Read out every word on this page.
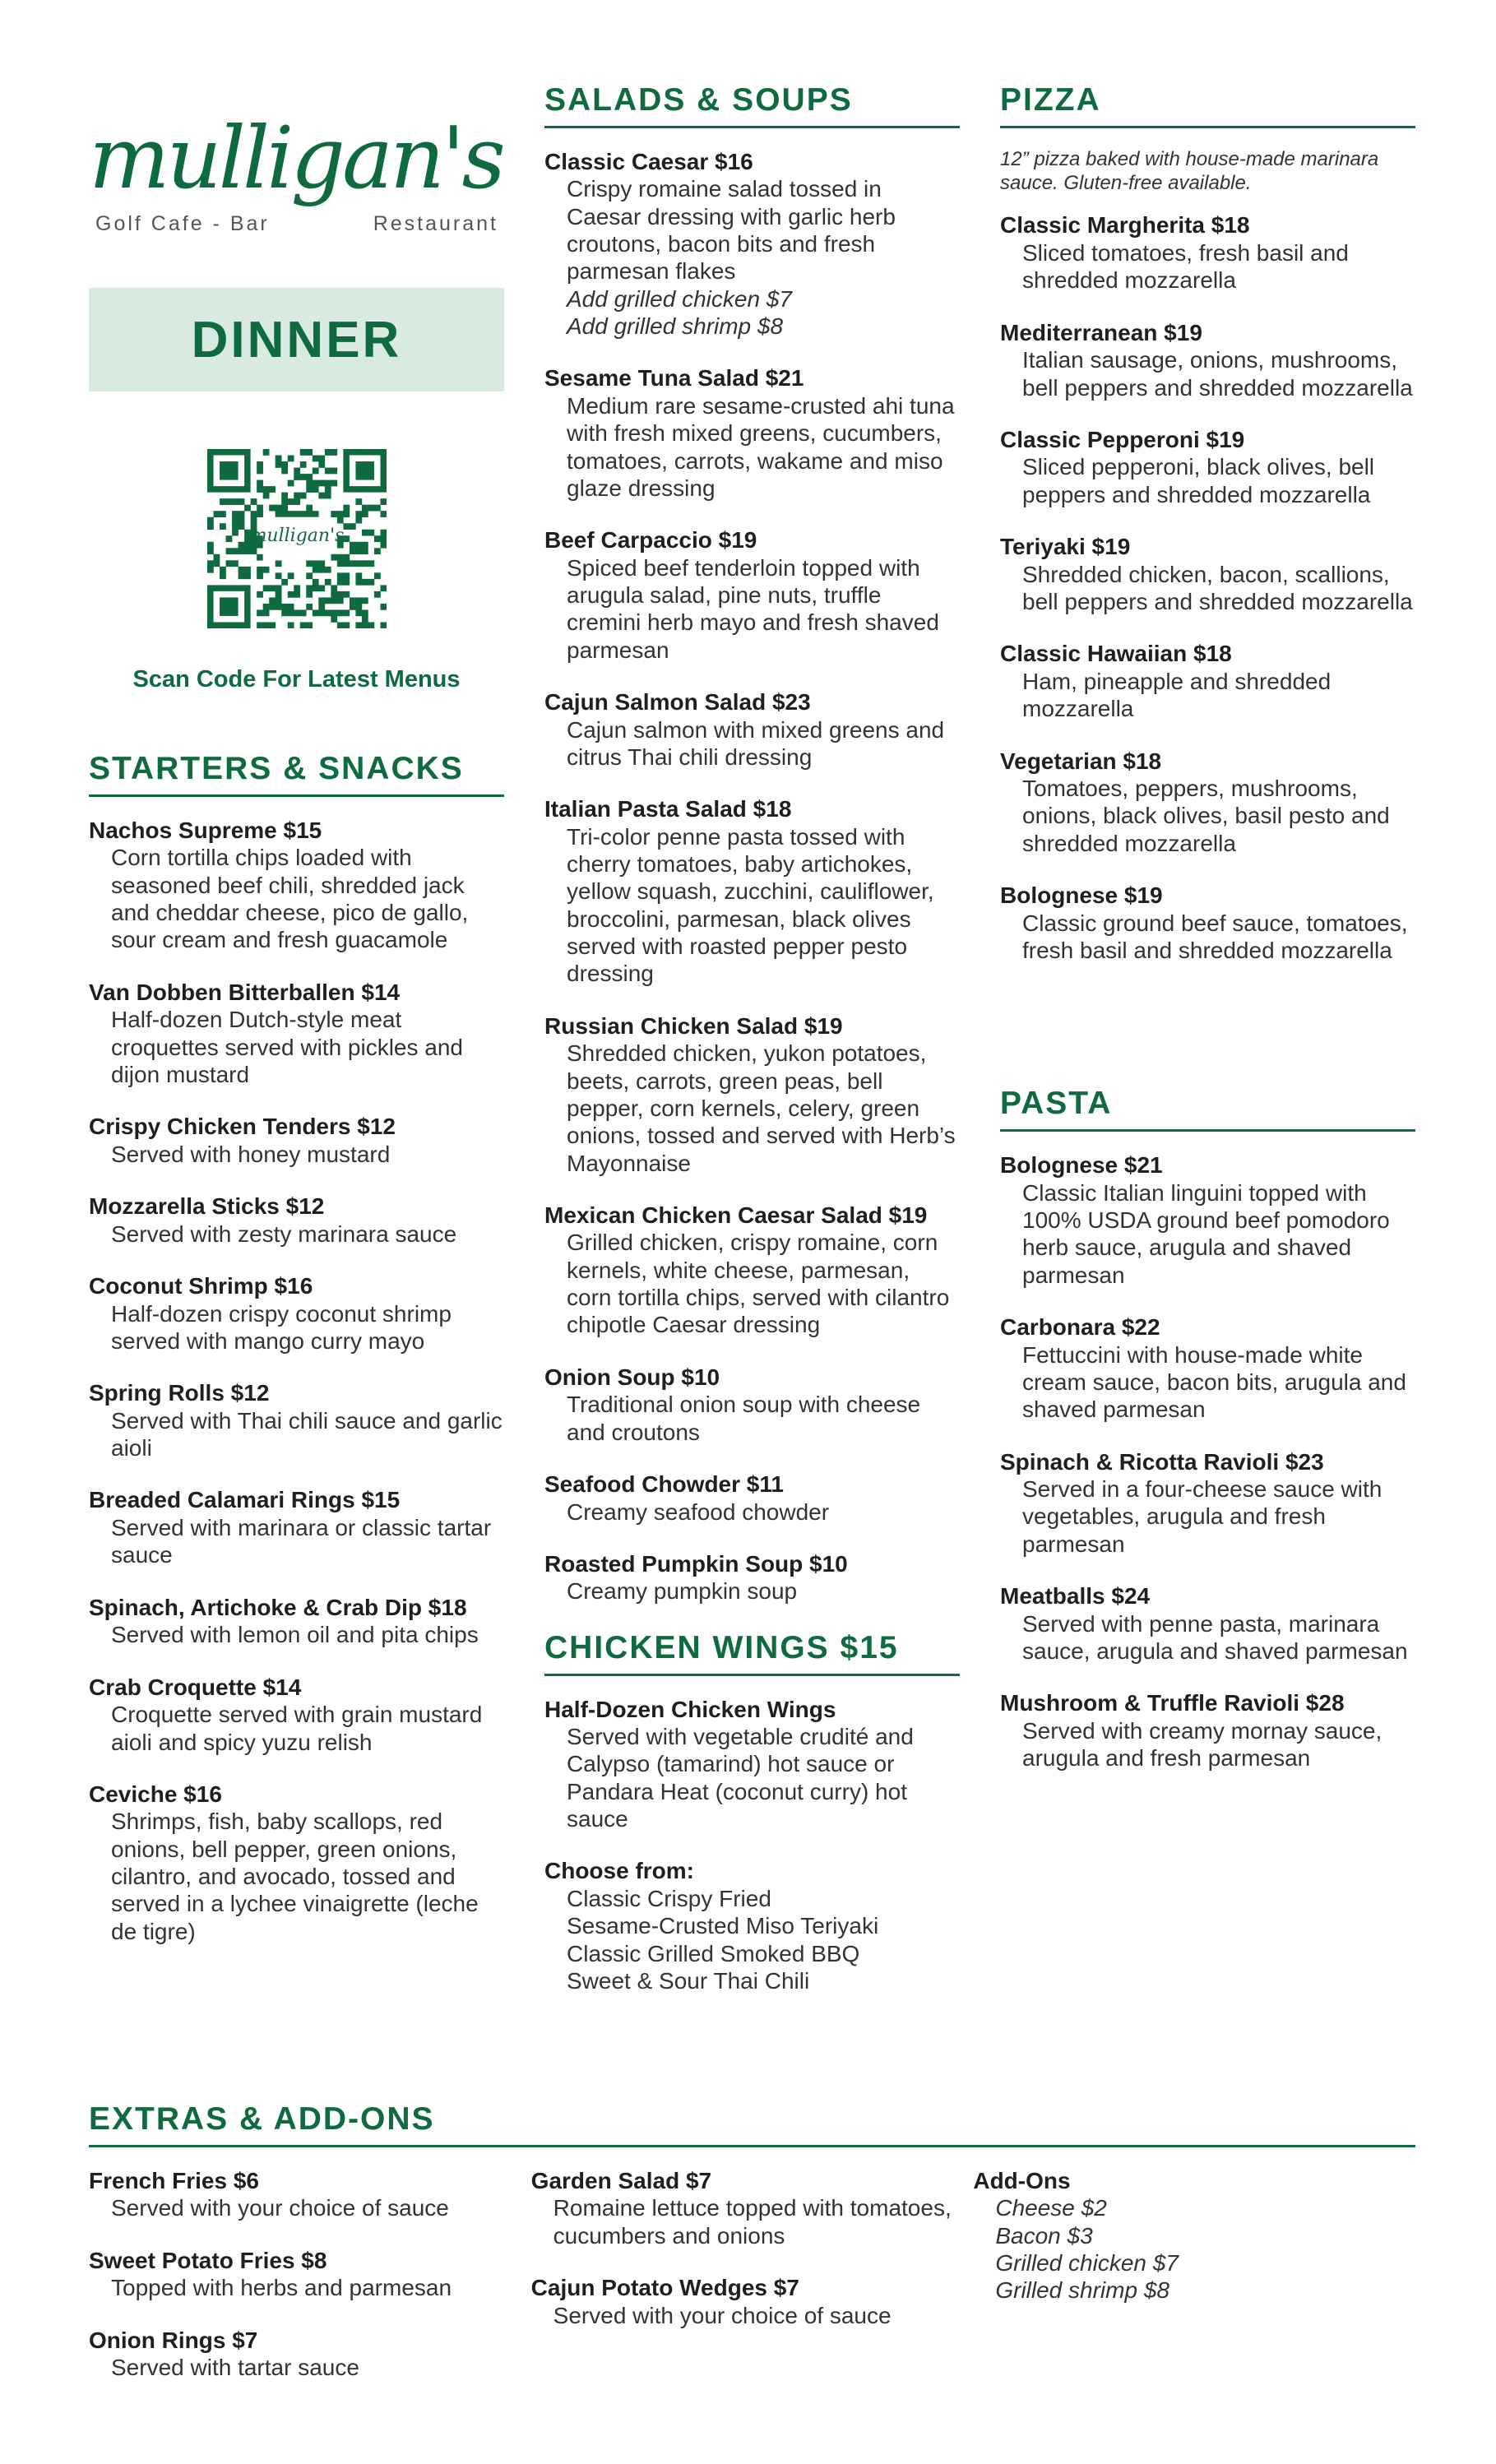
mulligan's
Golf Cafe - Bar	Restaurant
DINNER
mulligan's
Scan Code For Latest Menus
STARTERS & SNACKS
Nachos Supreme $15
Corn tortilla chips loaded with seasoned beef chili, shredded jack and cheddar cheese, pico de gallo, sour cream and fresh guacamole
Van Dobben Bitterballen $14
Half-dozen Dutch-style meat croquettes served with pickles and dijon mustard
Crispy Chicken Tenders $12
Served with honey mustard
Mozzarella Sticks $12
Served with zesty marinara sauce
Coconut Shrimp $16
Half-dozen crispy coconut shrimp served with mango curry mayo
Spring Rolls $12
Served with Thai chili sauce and garlic aioli
Breaded Calamari Rings $15
Served with marinara or classic tartar sauce
Spinach, Artichoke & Crab Dip $18
Served with lemon oil and pita chips
Crab Croquette $14
Croquette served with grain mustard aioli and spicy yuzu relish
Ceviche $16
Shrimps, fish, baby scallops, red onions, bell pepper, green onions, cilantro, and avocado, tossed and served in a lychee vinaigrette (leche de tigre)
SALADS & SOUPS
Classic Caesar $16
Crispy romaine salad tossed in Caesar dressing with garlic herb croutons, bacon bits and fresh parmesan flakes
Add grilled chicken $7
Add grilled shrimp $8
Sesame Tuna Salad $21
Medium rare sesame-crusted ahi tuna with fresh mixed greens, cucumbers, tomatoes, carrots, wakame and miso glaze dressing
Beef Carpaccio $19
Spiced beef tenderloin topped with arugula salad, pine nuts, truffle cremini herb mayo and fresh shaved parmesan
Cajun Salmon Salad $23
Cajun salmon with mixed greens and citrus Thai chili dressing
Italian Pasta Salad $18
Tri-color penne pasta tossed with cherry tomatoes, baby artichokes, yellow squash, zucchini, cauliflower, broccolini, parmesan, black olives served with roasted pepper pesto dressing
Russian Chicken Salad $19
Shredded chicken, yukon potatoes, beets, carrots, green peas, bell pepper, corn kernels, celery, green onions, tossed and served with Herb’s Mayonnaise
Mexican Chicken Caesar Salad $19
Grilled chicken, crispy romaine, corn kernels, white cheese, parmesan, corn tortilla chips, served with cilantro chipotle Caesar dressing
Onion Soup $10
Traditional onion soup with cheese and croutons
Seafood Chowder $11
Creamy seafood chowder
Roasted Pumpkin Soup $10
Creamy pumpkin soup
CHICKEN WINGS $15
Half-Dozen Chicken Wings
Served with vegetable crudité and Calypso (tamarind) hot sauce or Pandara Heat (coconut curry) hot sauce
Choose from:
Classic Crispy Fried
Sesame-Crusted Miso Teriyaki
Classic Grilled Smoked BBQ
Sweet & Sour Thai Chili
PIZZA
12” pizza baked with house-made marinara sauce. Gluten-free available.
Classic Margherita $18
Sliced tomatoes, fresh basil and shredded mozzarella
Mediterranean $19
Italian sausage, onions, mushrooms, bell peppers and shredded mozzarella
Classic Pepperoni $19
Sliced pepperoni, black olives, bell peppers and shredded mozzarella
Teriyaki $19
Shredded chicken, bacon, scallions, bell peppers and shredded mozzarella
Classic Hawaiian $18
Ham, pineapple and shredded mozzarella
Vegetarian $18
Tomatoes, peppers, mushrooms, onions, black olives, basil pesto and shredded mozzarella
Bolognese $19
Classic ground beef sauce, tomatoes, fresh basil and shredded mozzarella
PASTA
Bolognese $21
Classic Italian linguini topped with 100% USDA ground beef pomodoro herb sauce, arugula and shaved parmesan
Carbonara $22
Fettuccini with house-made white cream sauce, bacon bits, arugula and shaved parmesan
Spinach & Ricotta Ravioli $23
Served in a four-cheese sauce with vegetables, arugula and fresh parmesan
Meatballs $24
Served with penne pasta, marinara sauce, arugula and shaved parmesan
Mushroom & Truffle Ravioli $28
Served with creamy mornay sauce, arugula and fresh parmesan
EXTRAS & ADD-ONS
French Fries $6
Served with your choice of sauce
Sweet Potato Fries $8
Topped with herbs and parmesan
Onion Rings $7
Served with tartar sauce
Garden Salad $7
Romaine lettuce topped with tomatoes, cucumbers and onions
Cajun Potato Wedges $7
Served with your choice of sauce
Add-Ons
Cheese $2
Bacon $3
Grilled chicken $7
Grilled shrimp $8
